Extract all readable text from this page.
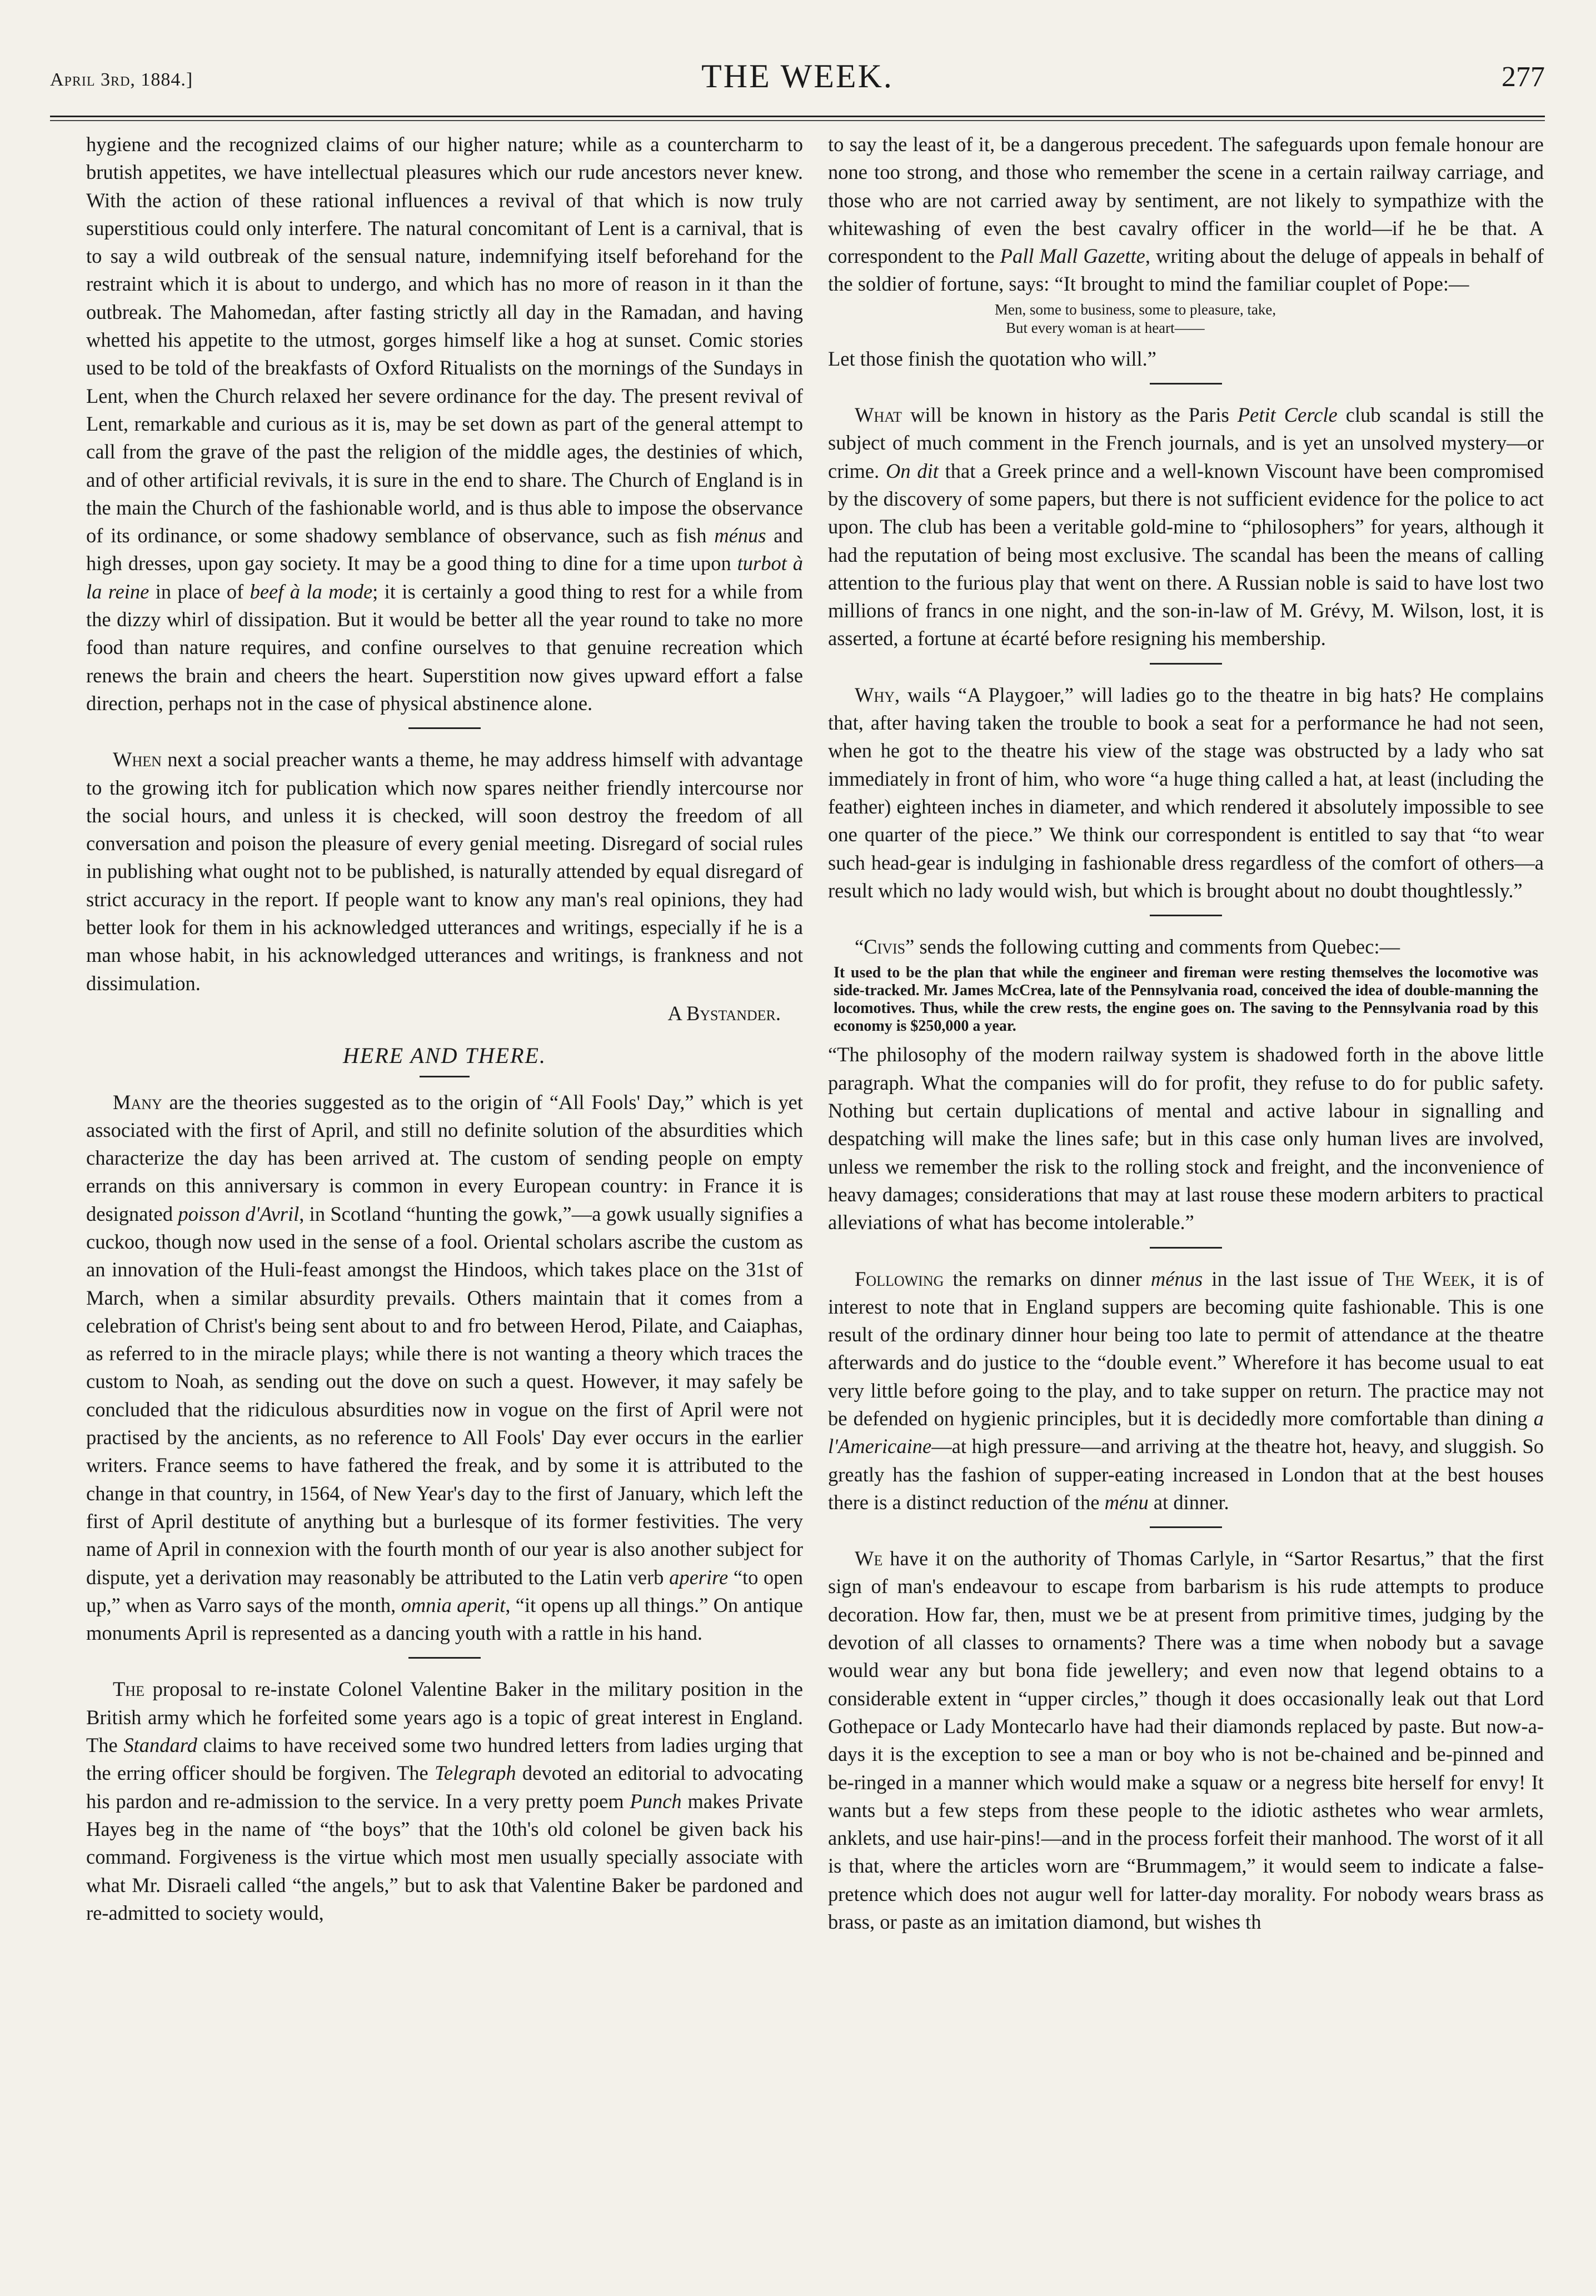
April 3rd, 1884.]	THE WEEK.	277

hygiene and the recognized claims of our higher nature; while as a countercharm to brutish appetites, we have intellectual pleasures which our rude ancestors never knew. With the action of these rational influences a revival of that which is now truly superstitious could only interfere. The natural concomitant of Lent is a carnival, that is to say a wild outbreak of the sensual nature, indemnifying itself beforehand for the restraint which it is about to undergo, and which has no more of reason in it than the outbreak. The Mahomedan, after fasting strictly all day in the Ramadan, and having whetted his appetite to the utmost, gorges himself like a hog at sunset. Comic stories used to be told of the breakfasts of Oxford Ritualists on the mornings of the Sundays in Lent, when the Church relaxed her severe ordinance for the day. The present revival of Lent, remarkable and curious as it is, may be set down as part of the general attempt to call from the grave of the past the religion of the middle ages, the destinies of which, and of other artificial revivals, it is sure in the end to share. The Church of England is in the main the Church of the fashionable world, and is thus able to impose the observance of its ordinance, or some shadowy semblance of observance, such as fish ménus and high dresses, upon gay society. It may be a good thing to dine for a time upon turbot à la reine in place of beef à la mode; it is certainly a good thing to rest for a while from the dizzy whirl of dissipation. But it would be better all the year round to take no more food than nature requires, and confine ourselves to that genuine recreation which renews the brain and cheers the heart. Superstition now gives upward effort a false direction, perhaps not in the case of physical abstinence alone.

When next a social preacher wants a theme, he may address himself with advantage to the growing itch for publication which now spares neither friendly intercourse nor the social hours, and unless it is checked, will soon destroy the freedom of all conversation and poison the pleasure of every genial meeting. Disregard of social rules in publishing what ought not to be published, is naturally attended by equal disregard of strict accuracy in the report. If people want to know any man's real opinions, they had better look for them in his acknowledged utterances and writings, especially if he is a man whose habit, in his acknowledged utterances and writings, is frankness and not dissimulation.

A Bystander.
HERE AND THERE.

Many are the theories suggested as to the origin of “All Fools' Day,” which is yet associated with the first of April, and still no definite solution of the absurdities which characterize the day has been arrived at. The custom of sending people on empty errands on this anniversary is common in every European country: in France it is designated poisson d'Avril, in Scotland “hunting the gowk,”—a gowk usually signifies a cuckoo, though now used in the sense of a fool. Oriental scholars ascribe the custom as an innovation of the Huli-feast amongst the Hindoos, which takes place on the 31st of March, when a similar absurdity prevails. Others maintain that it comes from a celebration of Christ's being sent about to and fro between Herod, Pilate, and Caiaphas, as referred to in the miracle plays; while there is not wanting a theory which traces the custom to Noah, as sending out the dove on such a quest. However, it may safely be concluded that the ridiculous absurdities now in vogue on the first of April were not practised by the ancients, as no reference to All Fools' Day ever occurs in the earlier writers. France seems to have fathered the freak, and by some it is attributed to the change in that country, in 1564, of New Year's day to the first of January, which left the first of April destitute of anything but a burlesque of its former festivities. The very name of April in connexion with the fourth month of our year is also another subject for dispute, yet a derivation may reasonably be attributed to the Latin verb aperire “to open up,” when as Varro says of the month, omnia aperit, “it opens up all things.” On antique monuments April is represented as a dancing youth with a rattle in his hand.

The proposal to re-instate Colonel Valentine Baker in the military position in the British army which he forfeited some years ago is a topic of great interest in England. The Standard claims to have received some two hundred letters from ladies urging that the erring officer should be forgiven. The Telegraph devoted an editorial to advocating his pardon and re-admission to the service. In a very pretty poem Punch makes Private Hayes beg in the name of “the boys” that the 10th's old colonel be given back his command. Forgiveness is the virtue which most men usually specially associate with what Mr. Disraeli called “the angels,” but to ask that Valentine Baker be pardoned and re-admitted to society would,

to say the least of it, be a dangerous precedent. The safeguards upon female honour are none too strong, and those who remember the scene in a certain railway carriage, and those who are not carried away by sentiment, are not likely to sympathize with the whitewashing of even the best cavalry officer in the world—if he be that. A correspondent to the Pall Mall Gazette, writing about the deluge of appeals in behalf of the soldier of fortune, says: “It brought to mind the familiar couplet of Pope:—

Men, some to business, some to pleasure, take,
But every woman is at heart——

Let those finish the quotation who will.”

What will be known in history as the Paris Petit Cercle club scandal is still the subject of much comment in the French journals, and is yet an unsolved mystery—or crime. On dit that a Greek prince and a well-known Viscount have been compromised by the discovery of some papers, but there is not sufficient evidence for the police to act upon. The club has been a veritable gold-mine to “philosophers” for years, although it had the reputation of being most exclusive. The scandal has been the means of calling attention to the furious play that went on there. A Russian noble is said to have lost two millions of francs in one night, and the son-in-law of M. Grévy, M. Wilson, lost, it is asserted, a fortune at écarté before resigning his membership.

Why, wails “A Playgoer,” will ladies go to the theatre in big hats? He complains that, after having taken the trouble to book a seat for a performance he had not seen, when he got to the theatre his view of the stage was obstructed by a lady who sat immediately in front of him, who wore “a huge thing called a hat, at least (including the feather) eighteen inches in diameter, and which rendered it absolutely impossible to see one quarter of the piece.” We think our correspondent is entitled to say that “to wear such head-gear is indulging in fashionable dress regardless of the comfort of others—a result which no lady would wish, but which is brought about no doubt thoughtlessly.”

“Civis” sends the following cutting and comments from Quebec:—

It used to be the plan that while the engineer and fireman were resting themselves the locomotive was side-tracked. Mr. James McCrea, late of the Pennsylvania road, conceived the idea of double-manning the locomotives. Thus, while the crew rests, the engine goes on. The saving to the Pennsylvania road by this economy is $250,000 a year.

“The philosophy of the modern railway system is shadowed forth in the above little paragraph. What the companies will do for profit, they refuse to do for public safety. Nothing but certain duplications of mental and active labour in signalling and despatching will make the lines safe; but in this case only human lives are involved, unless we remember the risk to the rolling stock and freight, and the inconvenience of heavy damages; considerations that may at last rouse these modern arbiters to practical alleviations of what has become intolerable.”

Following the remarks on dinner ménus in the last issue of The Week, it is of interest to note that in England suppers are becoming quite fashionable. This is one result of the ordinary dinner hour being too late to permit of attendance at the theatre afterwards and do justice to the “double event.” Wherefore it has become usual to eat very little before going to the play, and to take supper on return. The practice may not be defended on hygienic principles, but it is decidedly more comfortable than dining a l'Americaine—at high pressure—and arriving at the theatre hot, heavy, and sluggish. So greatly has the fashion of supper-eating increased in London that at the best houses there is a distinct reduction of the ménu at dinner.

We have it on the authority of Thomas Carlyle, in “Sartor Resartus,” that the first sign of man's endeavour to escape from barbarism is his rude attempts to produce decoration. How far, then, must we be at present from primitive times, judging by the devotion of all classes to ornaments? There was a time when nobody but a savage would wear any but bona fide jewellery; and even now that legend obtains to a considerable extent in “upper circles,” though it does occasionally leak out that Lord Gothepace or Lady Montecarlo have had their diamonds replaced by paste. But now-a-days it is the exception to see a man or boy who is not be-chained and be-pinned and be-ringed in a manner which would make a squaw or a negress bite herself for envy! It wants but a few steps from these people to the idiotic asthetes who wear armlets, anklets, and use hair-pins!—and in the process forfeit their manhood. The worst of it all is that, where the articles worn are “Brummagem,” it would seem to indicate a false-pretence which does not augur well for latter-day morality. For nobody wears brass as brass, or paste as an imitation diamond, but wishes th
